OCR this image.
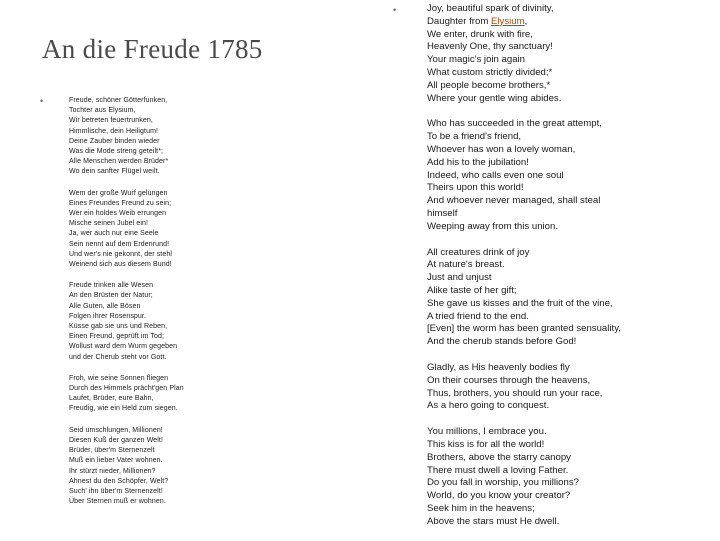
An die Freude 1785
•	Freude, schöner Götterfunken,
Tochter aus Elysium,
Wir betreten feuertrunken,
Himmlische, dein Heiligtum!
Deine Zauber binden wieder
Was die Mode streng geteilt*;
Alle Menschen werden Brüder*
Wo dein sanfter Flügel weilt.
Wem der große Wurf gelungen
Eines Freundes Freund zu sein;
Wer ein holdes Weib errungen
Mische seinen Jubel ein!
Ja, wer auch nur eine Seele
Sein nennt auf dem Erdenrund!
Und wer's nie gekonnt, der stehl
Weinend sich aus diesem Bund!
Freude trinken alle Wesen
An den Brüsten der Natur;
Alle Guten, alle Bösen
Folgen ihrer Rosenspur.
Küsse gab sie uns und Reben,
Einen Freund, geprüft im Tod;
Wollust ward dem Wurm gegeben
und der Cherub steht vor Gott.
Froh, wie seine Sonnen fliegen
Durch des Himmels prächt'gen Plan
Laufet, Brüder, eure Bahn,
Freudig, wie ein Held zum siegen.
Seid umschlungen, Millionen!
Diesen Kuß der ganzen Welt!
Brüder, über'm Sternenzelt
Muß ein lieber Vater wohnen.
Ihr stürzt nieder, Millionen?
Ahnest du den Schöpfer, Welt?
Such' ihn über'm Sternenzelt!
Über Sternen muß er wohnen.
•	Joy, beautiful spark of divinity,
Daughter from Elysium,
We enter, drunk with fire,
Heavenly One, thy sanctuary!
Your magic's join again
What custom strictly divided;*
All people become brothers,*
Where your gentle wing abides.
Who has succeeded in the great attempt,
To be a friend's friend,
Whoever has won a lovely woman,
Add his to the jubilation!
Indeed, who calls even one soul
Theirs upon this world!
And whoever never managed, shall steal
himself
Weeping away from this union.
All creatures drink of joy
At nature's breast.
Just and unjust
Alike taste of her gift;
She gave us kisses and the fruit of the vine,
A tried friend to the end.
[Even] the worm has been granted sensuality,
And the cherub stands before God!
Gladly, as His heavenly bodies fly
On their courses through the heavens,
Thus, brothers, you should run your race,
As a hero going to conquest.
You millions, I embrace you.
This kiss is for all the world!
Brothers, above the starry canopy
There must dwell a loving Father.
Do you fall in worship, you millions?
World, do you know your creator?
Seek him in the heavens;
Above the stars must He dwell.
